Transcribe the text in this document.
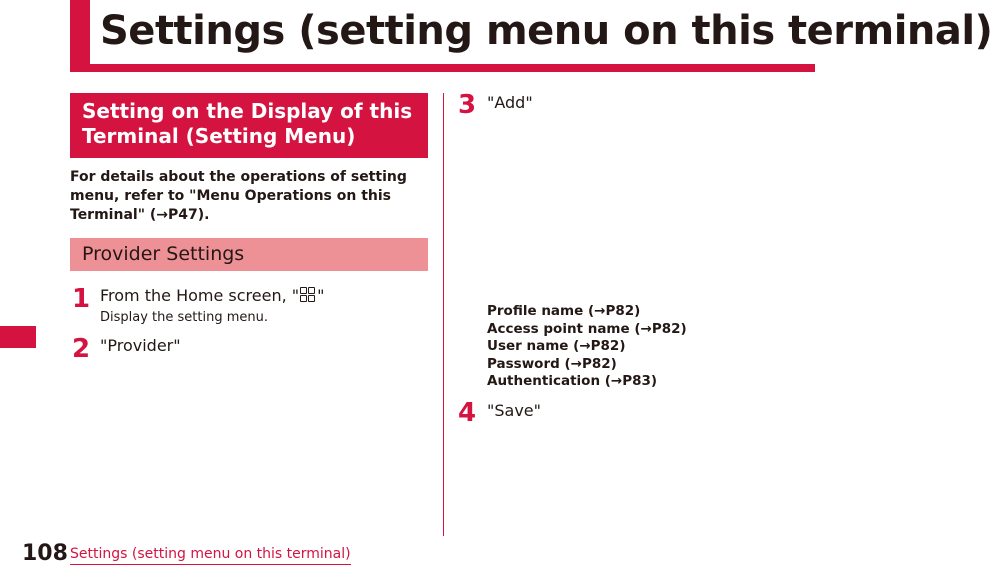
Settings (setting menu on this terminal)
Setting on the Display of this Terminal (Setting Menu)
For details about the operations of setting menu, refer to "Menu Operations on this Terminal" (→P47).
Provider Settings
1 From the Home screen, " "
Display the setting menu.
2 "Provider"
3 "Add"
Profile name (→P82)
Access point name (→P82)
User name (→P82)
Password (→P82)
Authentication (→P83)
4 "Save"
108 Settings (setting menu on this terminal)
